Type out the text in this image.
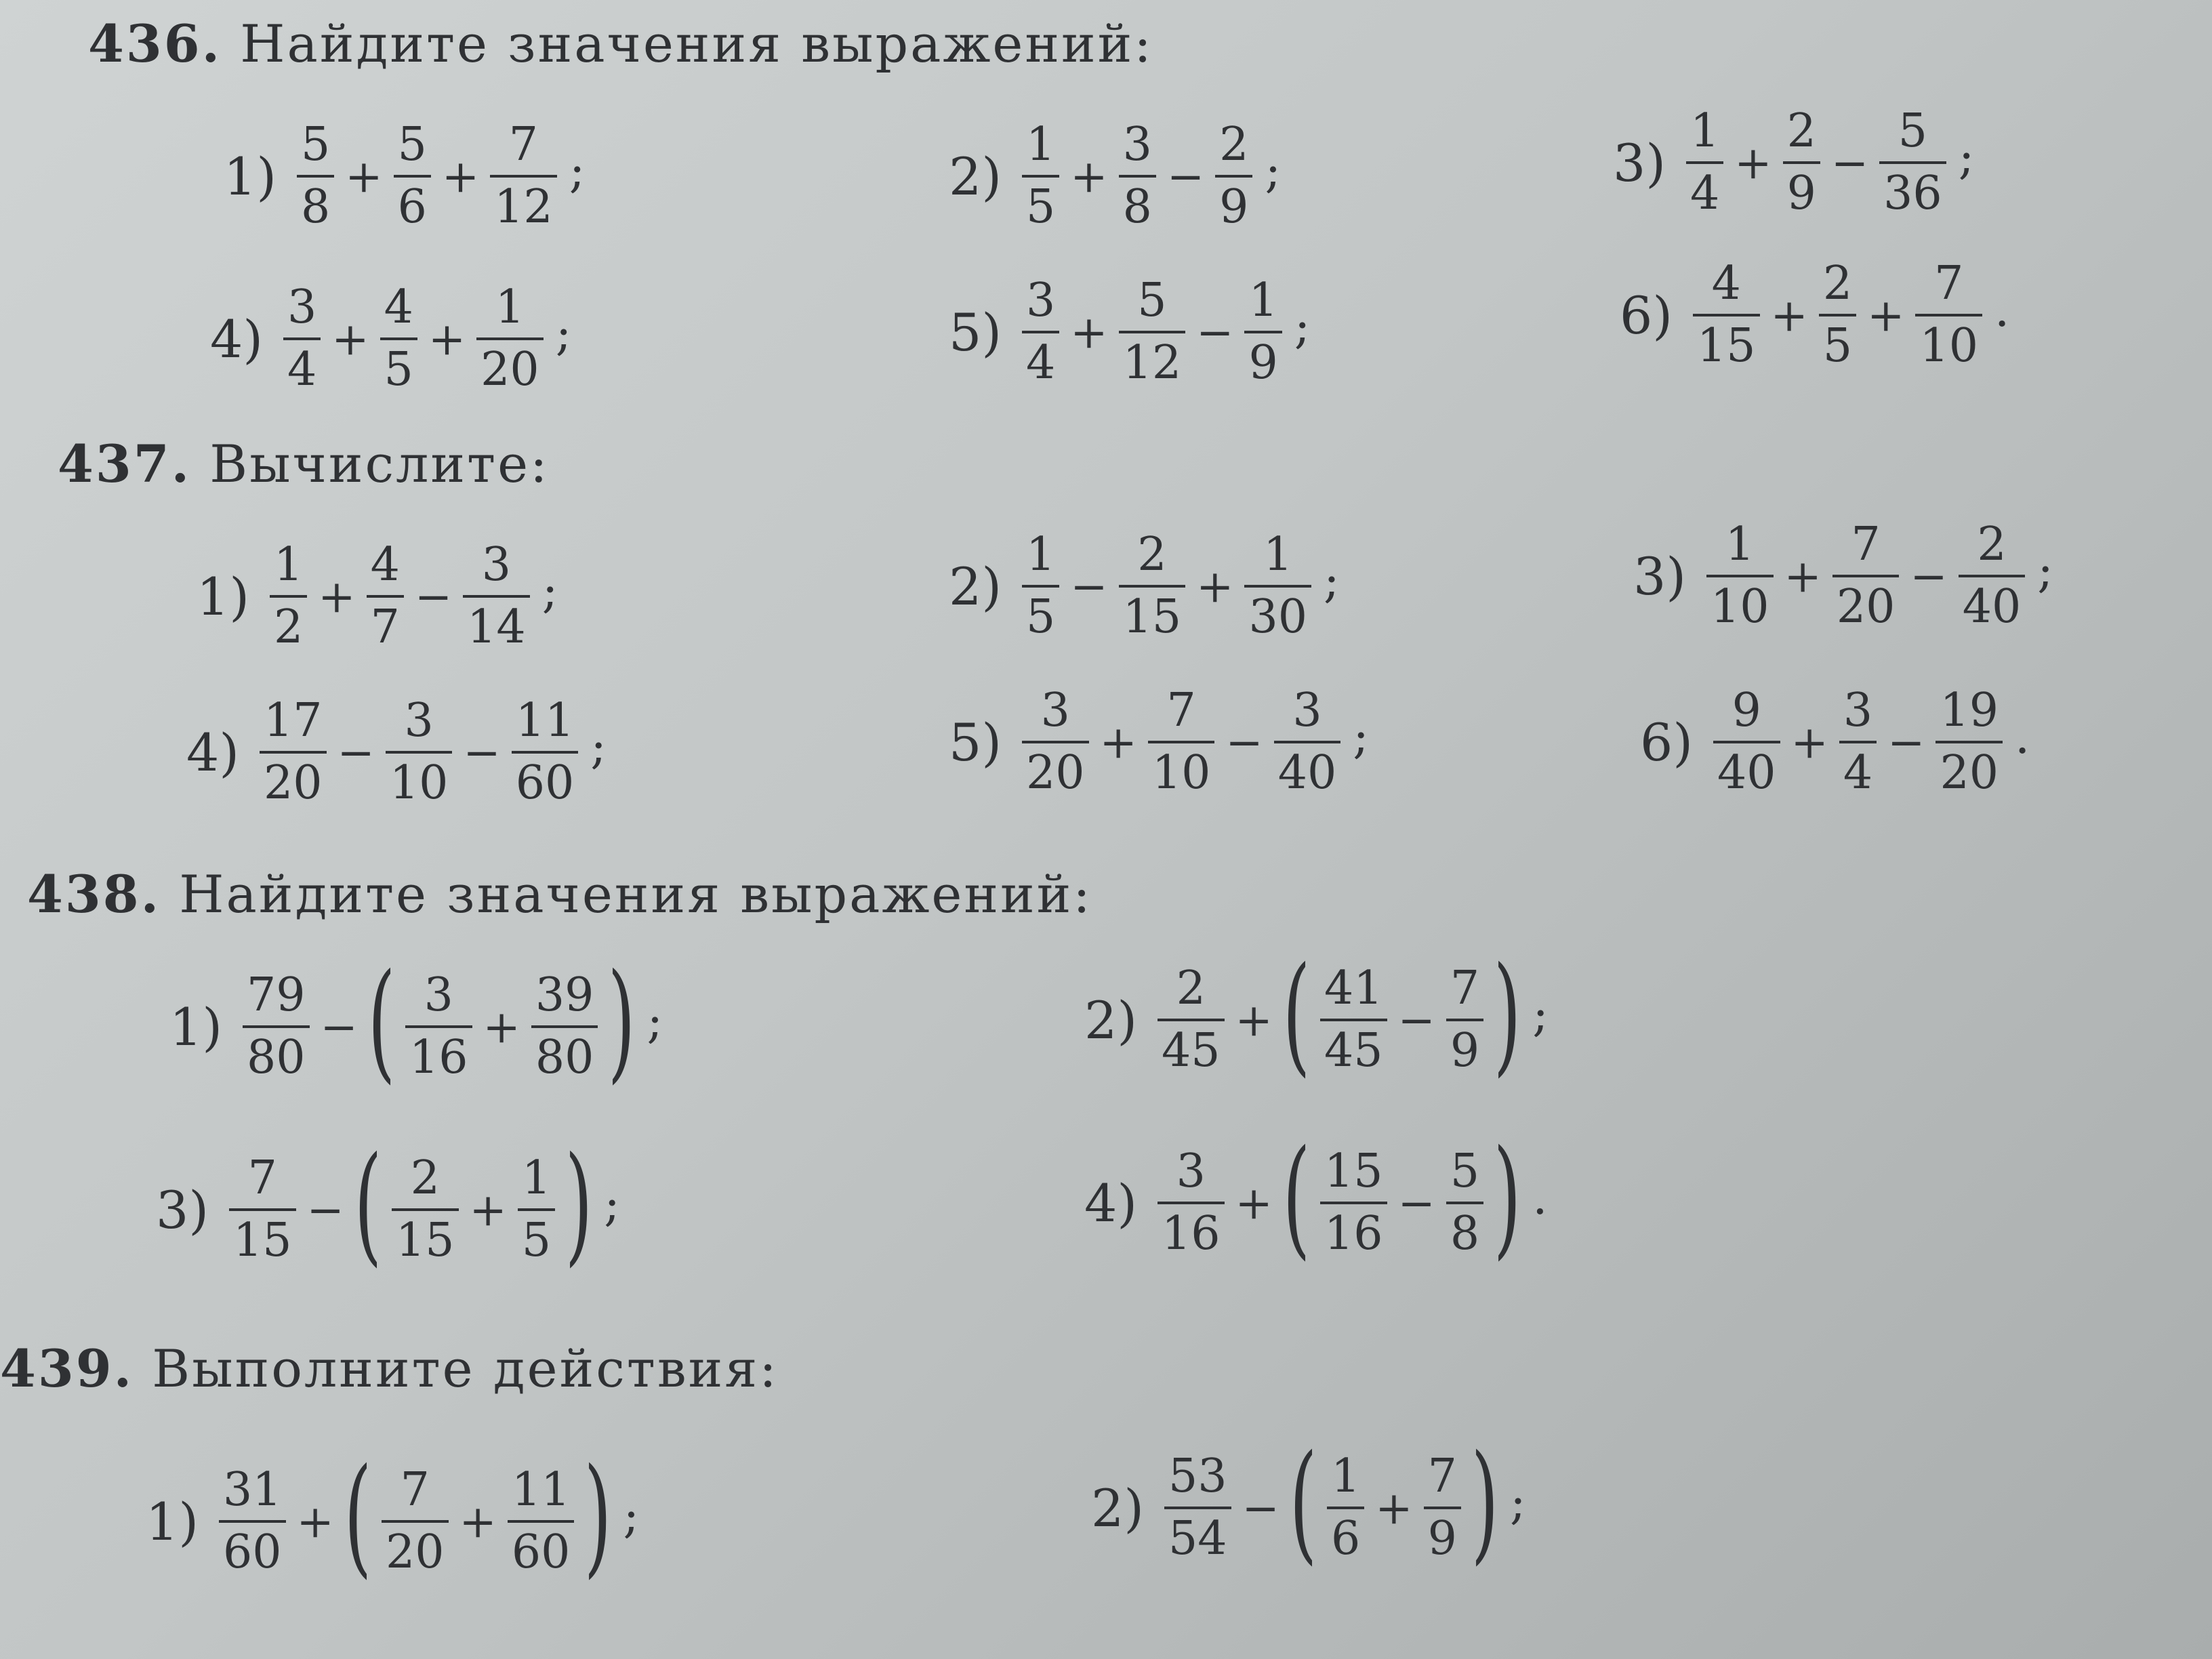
436. Найдите значения выражений:
$1) \frac{5}{8} + \frac{5}{6} + \frac{7}{12}$ ;	$2) \frac{1}{5} + \frac{3}{8} - \frac{2}{9}$ ;	$3) \frac{1}{4} + \frac{2}{9} - \frac{5}{36}$ ;
$4) \frac{3}{4} + \frac{4}{5} + \frac{1}{20}$ ;	$5) \frac{3}{4} + \frac{5}{12} - \frac{1}{9}$ ;	$6) \frac{4}{15} + \frac{2}{5} + \frac{7}{10}$ .
437. Вычислите:
$1) \frac{1}{2} + \frac{4}{7} - \frac{3}{14}$ ;	$2) \frac{1}{5} - \frac{2}{15} + \frac{1}{30}$ ;	$3) \frac{1}{10} + \frac{7}{20} - \frac{2}{40}$ ;
$4) \frac{17}{20} - \frac{3}{10} - \frac{11}{60}$ ;	$5) \frac{3}{20} + \frac{7}{10} - \frac{3}{40}$ ;	$6) \frac{9}{40} + \frac{3}{4} - \frac{19}{20}$ .
438. Найдите значения выражений:
$1) \frac{79}{80}$ − ( $\frac{3}{16} + \frac{39}{80}$ ) ;	$2) \frac{2}{45}$ + ( $\frac{41}{45} - \frac{7}{9}$ ) ;
$3) \frac{7}{15}$ − ( $\frac{2}{15} + \frac{1}{5}$ ) ;	$4) \frac{3}{16}$ + ( $\frac{15}{16} - \frac{5}{8}$ ) .
439. Выполните действия:
$1) \frac{31}{60}$ + ( $\frac{7}{20} + \frac{11}{60}$ ) ;	$2) \frac{53}{54}$ − ( $\frac{1}{6} + \frac{7}{9}$ ) ;
